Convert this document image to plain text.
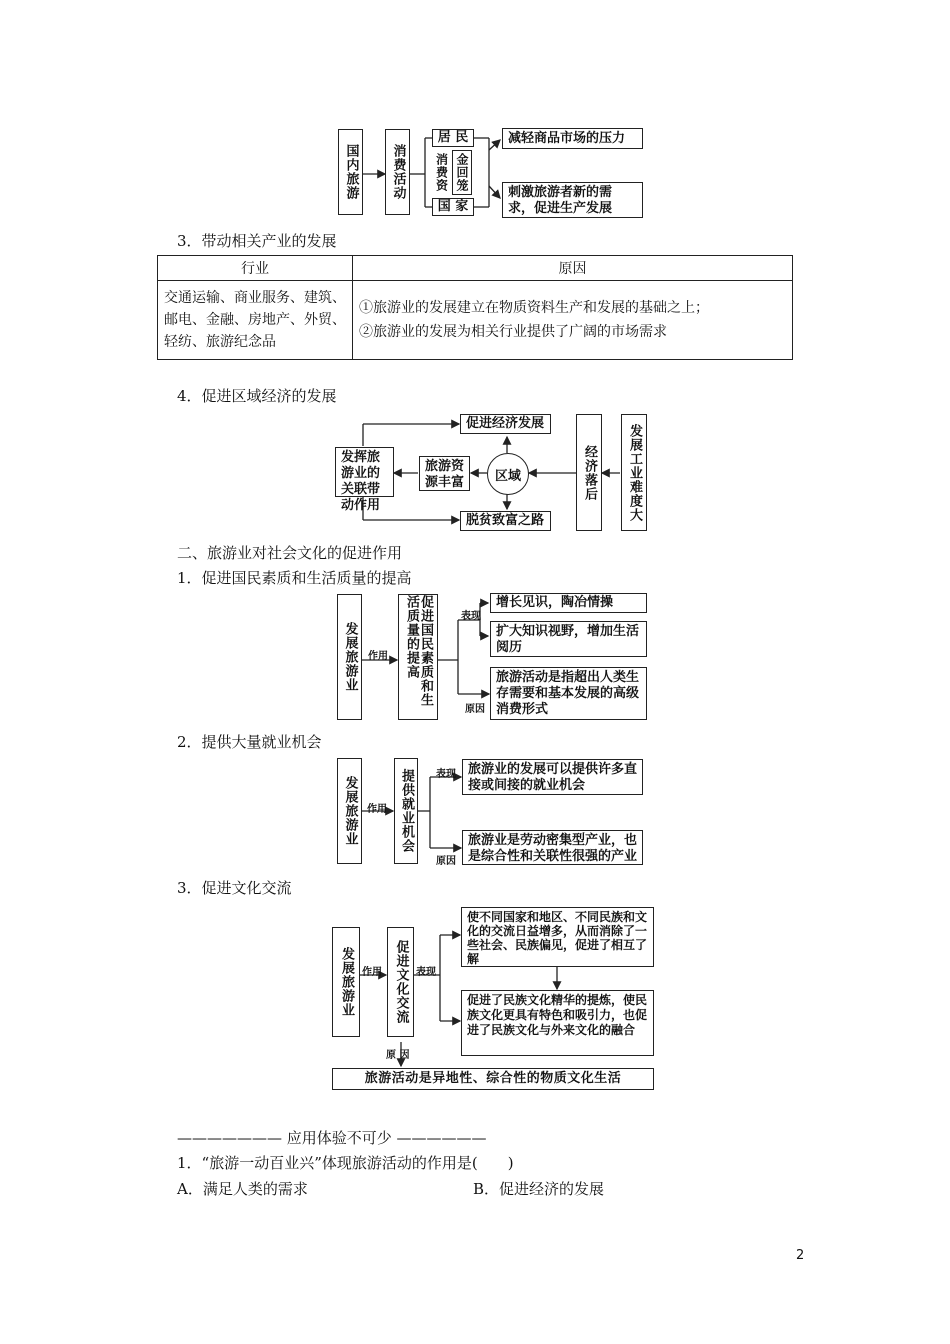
国内旅游	消费活动
居 民
国 家
消费资 金回笼
减轻商品市场的压力
刺激旅游者新的需求，促进生产发展
3．带动相关产业的发展
行业	原因
交通运输、商业服务、建筑、邮电、金融、房地产、外贸、轻纺、旅游纪念品	①旅游业的发展建立在物质资料生产和发展的基础之上；
②旅游业的发展为相关行业提供了广阔的市场需求
4．促进区域经济的发展
促进经济发展
脱贫致富之路
发挥旅游业的关联带动作用
旅游资源丰富	区域	经济落后	发展工业难度大
二、旅游业对社会文化的促进作用
1．促进国民素质和生活质量的提高
发展旅游业	作用	促进国民素质和生活质量的提高	表现
原因
增长见识，陶冶情操
扩大知识视野，增加生活阅历
旅游活动是指超出人类生存需要和基本发展的高级消费形式
2．提供大量就业机会
发展旅游业 作用 提供就业机会	表现
原因
旅游业的发展可以提供许多直接或间接的就业机会
旅游业是劳动密集型产业，也是综合性和关联性很强的产业
3．促进文化交流
发展旅游业 作用 促进文化交流 表现
原 因
使不同国家和地区、不同民族和文化的交流日益增多，从而消除了一些社会、民族偏见，促进了相互了解
促进了民族文化精华的提炼，使民族文化更具有特色和吸引力，也促进了民族文化与外来文化的融合
旅游活动是异地性、综合性的物质文化生活
——————— 应用体验不可少 ——————
1．“旅游一动百业兴”体现旅游活动的作用是(　　)
A．满足人类的需求	B．促进经济的发展
2
